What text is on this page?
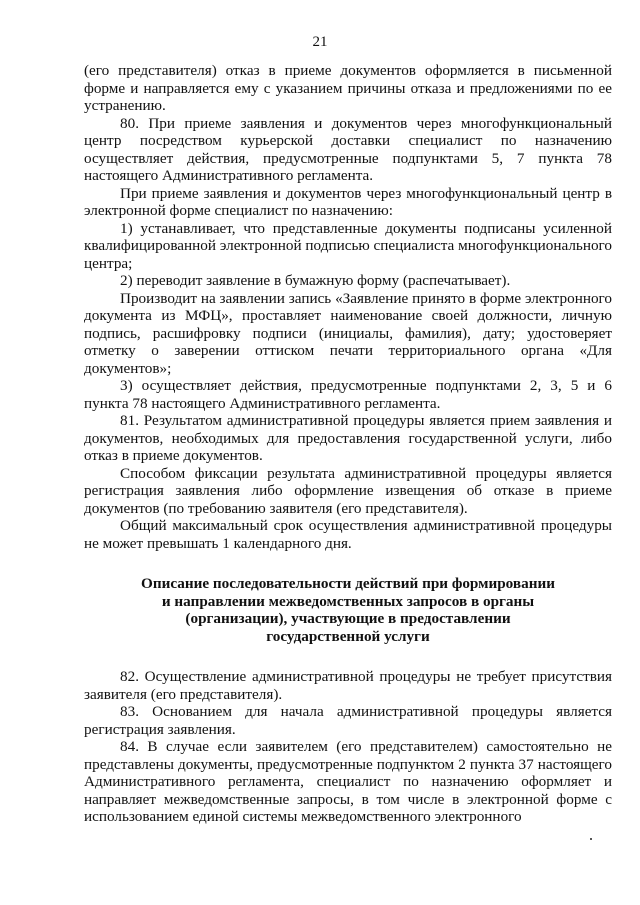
21

(его представителя) отказ в приеме документов оформляется в письменной форме и направляется ему с указанием причины отказа и предложениями по ее устранению.

80. При приеме заявления и документов через многофункциональный центр посредством курьерской доставки специалист по назначению осуществляет действия, предусмотренные подпунктами 5, 7 пункта 78 настоящего Административного регламента.

При приеме заявления и документов через многофункциональный центр в электронной форме специалист по назначению:

1) устанавливает, что представленные документы подписаны усиленной квалифицированной электронной подписью специалиста многофункционального центра;

2) переводит заявление в бумажную форму (распечатывает).

Производит на заявлении запись «Заявление принято в форме электронного документа из МФЦ», проставляет наименование своей должности, личную подпись, расшифровку подписи (инициалы, фамилия), дату; удостоверяет отметку о заверении оттиском печати территориального органа «Для документов»;

3) осуществляет действия, предусмотренные подпунктами 2, 3, 5 и 6 пункта 78 настоящего Административного регламента.

81. Результатом административной процедуры является прием заявления и документов, необходимых для предоставления государственной услуги, либо отказ в приеме документов.

Способом фиксации результата административной процедуры является регистрация заявления либо оформление извещения об отказе в приеме документов (по требованию заявителя (его представителя).

Общий максимальный срок осуществления административной процедуры не может превышать 1 календарного дня.

Описание последовательности действий при формировании
и направлении межведомственных запросов в органы
(организации), участвующие в предоставлении
государственной услуги

82. Осуществление административной процедуры не требует присутствия заявителя (его представителя).

83. Основанием для начала административной процедуры является регистрация заявления.

84. В случае если заявителем (его представителем) самостоятельно не представлены документы, предусмотренные подпунктом 2 пункта 37 настоящего Административного регламента, специалист по назначению оформляет и направляет межведомственные запросы, в том числе в электронной форме с использованием единой системы межведомственного электронного
